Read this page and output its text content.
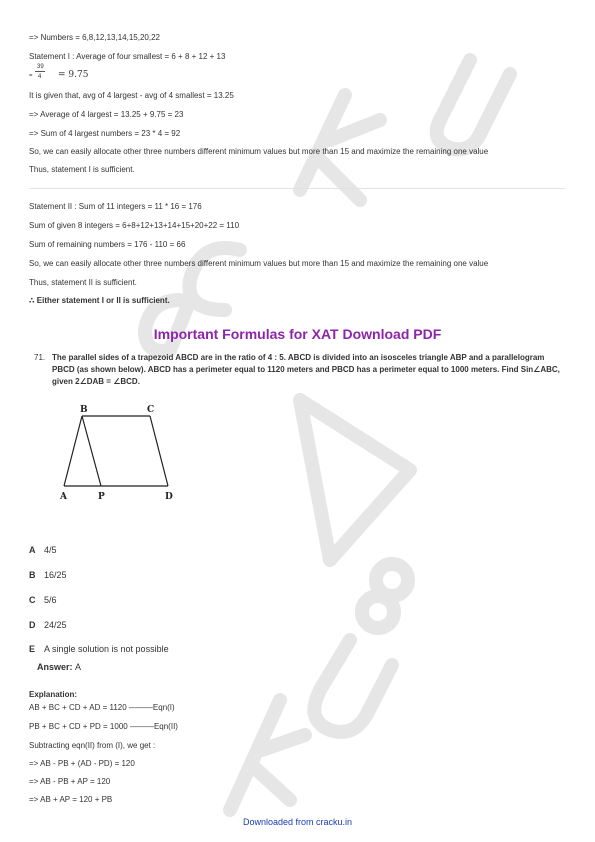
=> Numbers = 6,8,12,13,14,15,20,22
Statement I : Average of four smallest = 6 + 8 + 12 + 13
39
= 4 = 9.75
It is given that, avg of 4 largest - avg of 4 smallest = 13.25
=> Average of 4 largest = 13.25 + 9.75 = 23
=> Sum of 4 largest numbers = 23 * 4 = 92
So, we can easily allocate other three numbers different minimum values but more than 15 and maximize the remaining one value
Thus, statement I is sufficient.
Statement II : Sum of 11 integers = 11 * 16 = 176
Sum of given 8 integers = 6+8+12+13+14+15+20+22 = 110
Sum of remaining numbers = 176 - 110 = 66
So, we can easily allocate other three numbers different minimum values but more than 15 and maximize the remaining one value
Thus, statement II is sufficient.
∴ Either statement I or II is sufficient.
Important Formulas for XAT Download PDF
71. The parallel sides of a trapezoid ABCD are in the ratio of 4 : 5. ABCD is divided into an isosceles triangle ABP and a parallelogram PBCD (as shown below). ABCD has a perimeter equal to 1120 meters and PBCD has a perimeter equal to 1000 meters. Find Sin∠ABC, given 2∠DAB = ∠BCD.
B	C
A	P	D
A 4/5
B 16/25
C 5/6
D 24/25
E A single solution is not possible
Answer: A
Explanation:
AB + BC + CD + AD = 1120 ———Eqn(I)
PB + BC + CD + PD = 1000 ———Eqn(II)
Subtracting eqn(II) from (I), we get :
=> AB - PB + (AD - PD) = 120
=> AB - PB + AP = 120
=> AB + AP = 120 + PB
Downloaded from cracku.in
